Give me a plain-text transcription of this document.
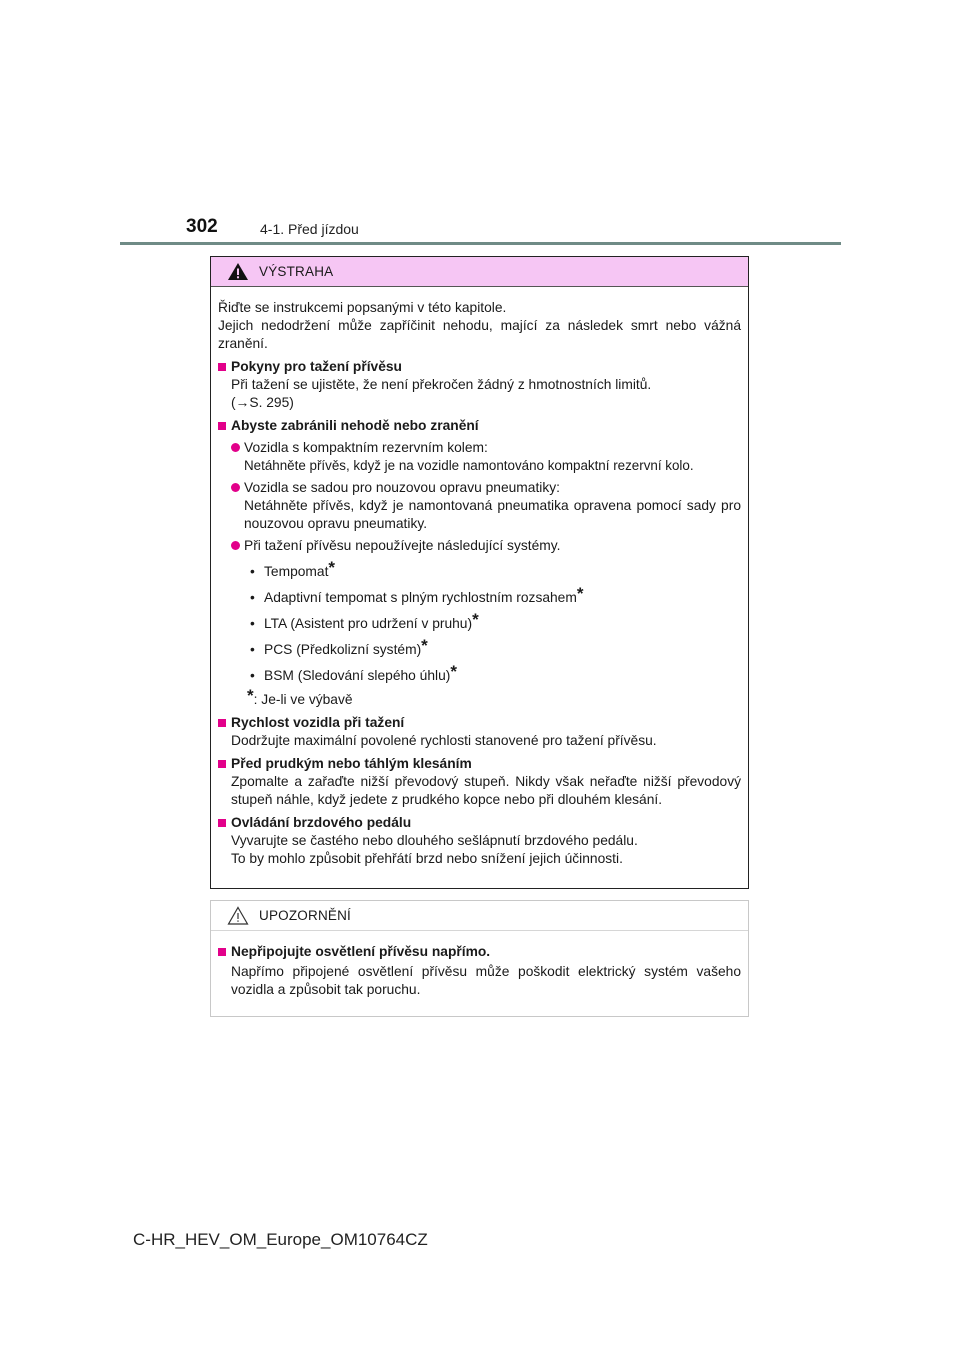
302	4-1. Před jízdou
VÝSTRAHA

Řiďte se instrukcemi popsanými v této kapitole.

Jejich nedodržení může zapříčinit nehodu, mající za následek smrt nebo vážná zranění.

Pokyny pro tažení přívěsu

Při tažení se ujistěte, že není překročen žádný z hmotnostních limitů.

(→S. 295)

Abyste zabránili nehodě nebo zranění

Vozidla s kompaktním rezervním kolem:

Netáhněte přívěs, když je na vozidle namontováno kompaktní rezervní kolo.

Vozidla se sadou pro nouzovou opravu pneumatiky:

Netáhněte přívěs, když je namontovaná pneumatika opravena pomocí sady pro nouzovou opravu pneumatiky.

Při tažení přívěsu nepoužívejte následující systémy.

• Tempomat*
• Adaptivní tempomat s plným rychlostním rozsahem*
• LTA (Asistent pro udržení v pruhu)*
• PCS (Předkolizní systém)*
• BSM (Sledování slepého úhlu)*
*: Je-li ve výbavě
Rychlost vozidla při tažení

Dodržujte maximální povolené rychlosti stanovené pro tažení přívěsu.

Před prudkým nebo táhlým klesáním

Zpomalte a zařaďte nižší převodový stupeň. Nikdy však neřaďte nižší převodový stupeň náhle, když jedete z prudkého kopce nebo při dlouhém klesání.

Ovládání brzdového pedálu

Vyvarujte se častého nebo dlouhého sešlápnutí brzdového pedálu.

To by mohlo způsobit přehřátí brzd nebo snížení jejich účinnosti.

UPOZORNĚNÍ
Nepřipojujte osvětlení přívěsu napřímo.

Napřímo připojené osvětlení přívěsu může poškodit elektrický systém vašeho vozidla a způsobit tak poruchu.

C-HR_HEV_OM_Europe_OM10764CZ
